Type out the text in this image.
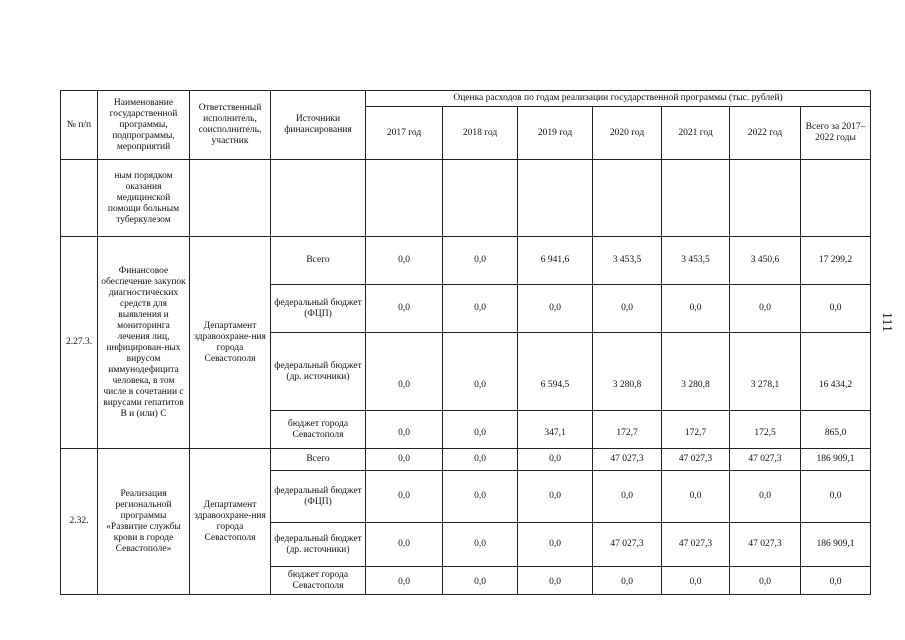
№ п/п	Наименование государственной программы, подпрограммы, мероприятий	Ответственный исполнитель, соисполнитель, участник	Источники финансирования	Оценка расходов по годам реализации государственной программы (тыс. рублей)						
				2017 год	2018 год	2019 год	2020 год	2021 год	2022 год	Всего за 2017–2022 годы
	ным порядком оказания медицинской помощи больным туберкулезом									
2.27.3.	Финансовое обеспечение закупок диагностических средств для выявления и мониторинга лечения лиц, инфицирован-ных вирусом иммунодефицита человека, в том числе в сочетании с вирусами гепатитов В и (или) С	Департамент здравоохране-ния города Севастополя	Всего	0,0	0,0	6 941,6	3 453,5	3 453,5	3 450,6	17 299,2
			федеральный бюджет (ФЦП)	0,0	0,0	0,0	0,0	0,0	0,0	0,0
			федеральный бюджет (др. источники)	0,0	0,0	6 594,5	3 280,8	3 280,8	3 278,1	16 434,2
			бюджет города Севастополя	0,0	0,0	347,1	172,7	172,7	172,5	865,0
2.32.	Реализация региональной программы «Развитие службы крови в городе Севастополе»	Департамент здравоохране-ния города Севастополя	Всего	0,0	0,0	0,0	47 027,3	47 027,3	47 027,3	186 909,1
			федеральный бюджет (ФЦП)	0,0	0,0	0,0	0,0	0,0	0,0	0,0
			федеральный бюджет (др. источники)	0,0	0,0	0,0	47 027,3	47 027,3	47 027,3	186 909,1
			бюджет города Севастополя	0,0	0,0	0,0	0,0	0,0	0,0	0,0
111
